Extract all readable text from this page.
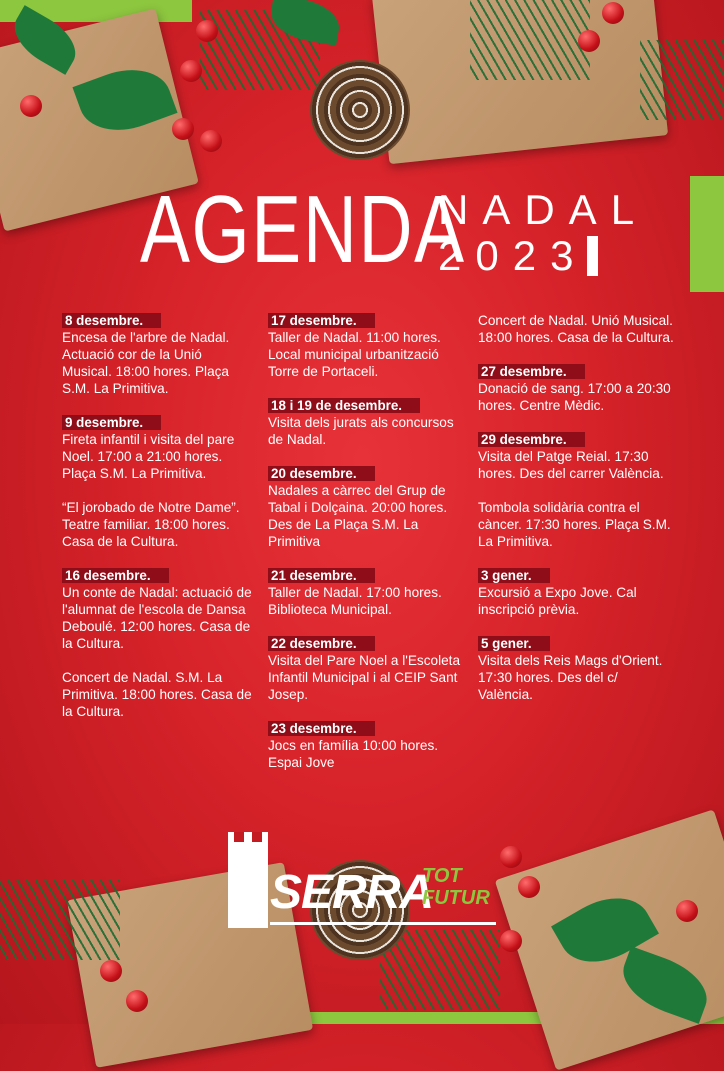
AGENDA
NADAL
2023
8 desembre.
Encesa de l'arbre de Nadal. Actuació cor de la Unió Musical. 18:00 hores. Plaça S.M. La Primitiva.
9 desembre.
Fireta infantil i visita del pare Noel. 17:00 a 21:00 hores. Plaça S.M. La Primitiva.
“El jorobado de Notre Dame”. Teatre familiar. 18:00 hores. Casa de la Cultura.
16 desembre.
Un conte de Nadal: actuació de l'alumnat de l'escola de Dansa Deboulé. 12:00 hores. Casa de la Cultura.
Concert de Nadal. S.M. La Primitiva. 18:00 hores. Casa de la Cultura.
17 desembre.
Taller de Nadal. 11:00 hores. Local municipal urbanització Torre de Portaceli.
18 i 19 de desembre.
Visita dels jurats als concursos de Nadal.
20 desembre.
Nadales a càrrec del Grup de Tabal i Dolçaina. 20:00 hores. Des de La Plaça S.M. La Primitiva
21 desembre.
Taller de Nadal. 17:00 hores. Biblioteca Municipal.
22 desembre.
Visita del Pare Noel a l'Escoleta Infantil Municipal i al CEIP Sant Josep.
23 desembre.
Jocs en família 10:00 hores. Espai Jove
Concert de Nadal. Unió Musical. 18:00 hores. Casa de la Cultura.
27 desembre.
Donació de sang. 17:00 a 20:30 hores. Centre Mèdic.
29 desembre.
Visita del Patge Reial. 17:30 hores. Des del carrer València.
Tombola solidària contra el càncer. 17:30 hores. Plaça S.M. La Primitiva.
3 gener.
Excursió a Expo Jove. Cal inscripció prèvia.
5 gener.
Visita dels Reis Mags d'Orient. 17:30 hores. Des del c/ València.
SERRA
TOT
FUTUR
